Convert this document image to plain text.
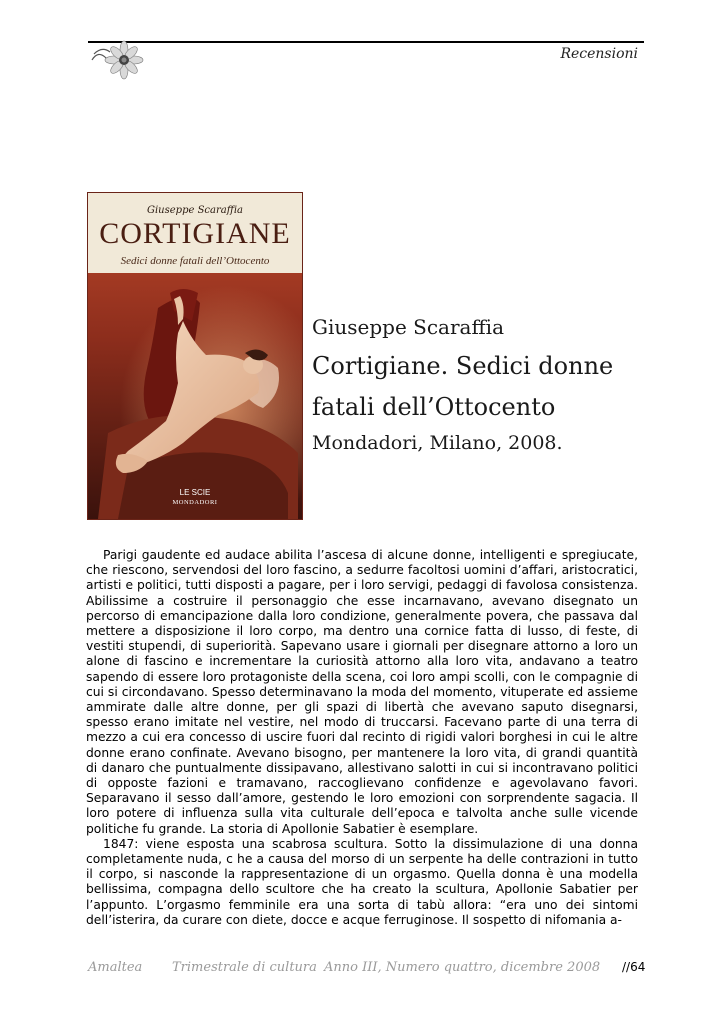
Recensioni
Giuseppe Scaraffia
CORTIGIANE
Sedici donne fatali dell’Ottocento
LE SCIE
MONDADORI
Giuseppe Scaraffia
Cortigiane. Sedici donne
fatali dell’Ottocento
Mondadori, Milano, 2008.

Parigi gaudente ed audace abilita l’ascesa di alcune donne, intelligenti e spregiucate, che riescono, servendosi del loro fascino, a sedurre facoltosi uomini d’affari, aristocratici, artisti e politici, tutti disposti a pagare, per i loro servigi, pedaggi di favolosa consistenza. Abilissime a costruire il personaggio che esse incarnavano, avevano disegnato un percorso di emancipazione dalla loro condizione, generalmente povera, che passava dal mettere a disposizione il loro corpo, ma dentro una cornice fatta di lusso, di feste, di vestiti stupendi, di superiorità. Sapevano usare i giornali per disegnare attorno a loro un alone di fascino e incrementare la curiosità attorno alla loro vita, andavano a teatro sapendo di essere loro protagoniste della scena, coi loro ampi scolli, con le compagnie di cui si circondavano. Spesso determinavano la moda del momento, vituperate ed assieme ammirate dalle altre donne, per gli spazi di libertà che avevano saputo disegnarsi, spesso erano imitate nel vestire, nel modo di truccarsi. Facevano parte di una terra di mezzo a cui era concesso di uscire fuori dal recinto di rigidi valori borghesi in cui le altre donne erano confinate. Avevano bisogno, per mantenere la loro vita, di grandi quantità di danaro che puntualmente dissipavano, allestivano salotti in cui si incontravano politici di opposte fazioni e tramavano, raccoglievano confidenze e agevolavano favori. Separavano il sesso dall’amore, gestendo le loro emozioni con sorprendente sagacia. Il loro potere di influenza sulla vita culturale dell’epoca e talvolta anche sulle vicende politiche fu grande. La storia di Apollonie Sabatier è esemplare.

1847: viene esposta una scabrosa scultura. Sotto la dissimulazione di una donna completamente nuda, c he a causa del morso di un serpente ha delle contrazioni in tutto il corpo, si nasconde la rappresentazione di un orgasmo. Quella donna è una modella bellissima, compagna dello scultore che ha creato la scultura, Apollonie Sabatier per l’appunto. L’orgasmo femminile era una sorta di tabù allora: “era uno dei sintomi dell’isterira, da curare con diete, docce e acque ferruginose. Il sospetto di nifomania a-

Amaltea Trimestrale di cultura Anno III, Numero quattro, dicembre 2008 //64
